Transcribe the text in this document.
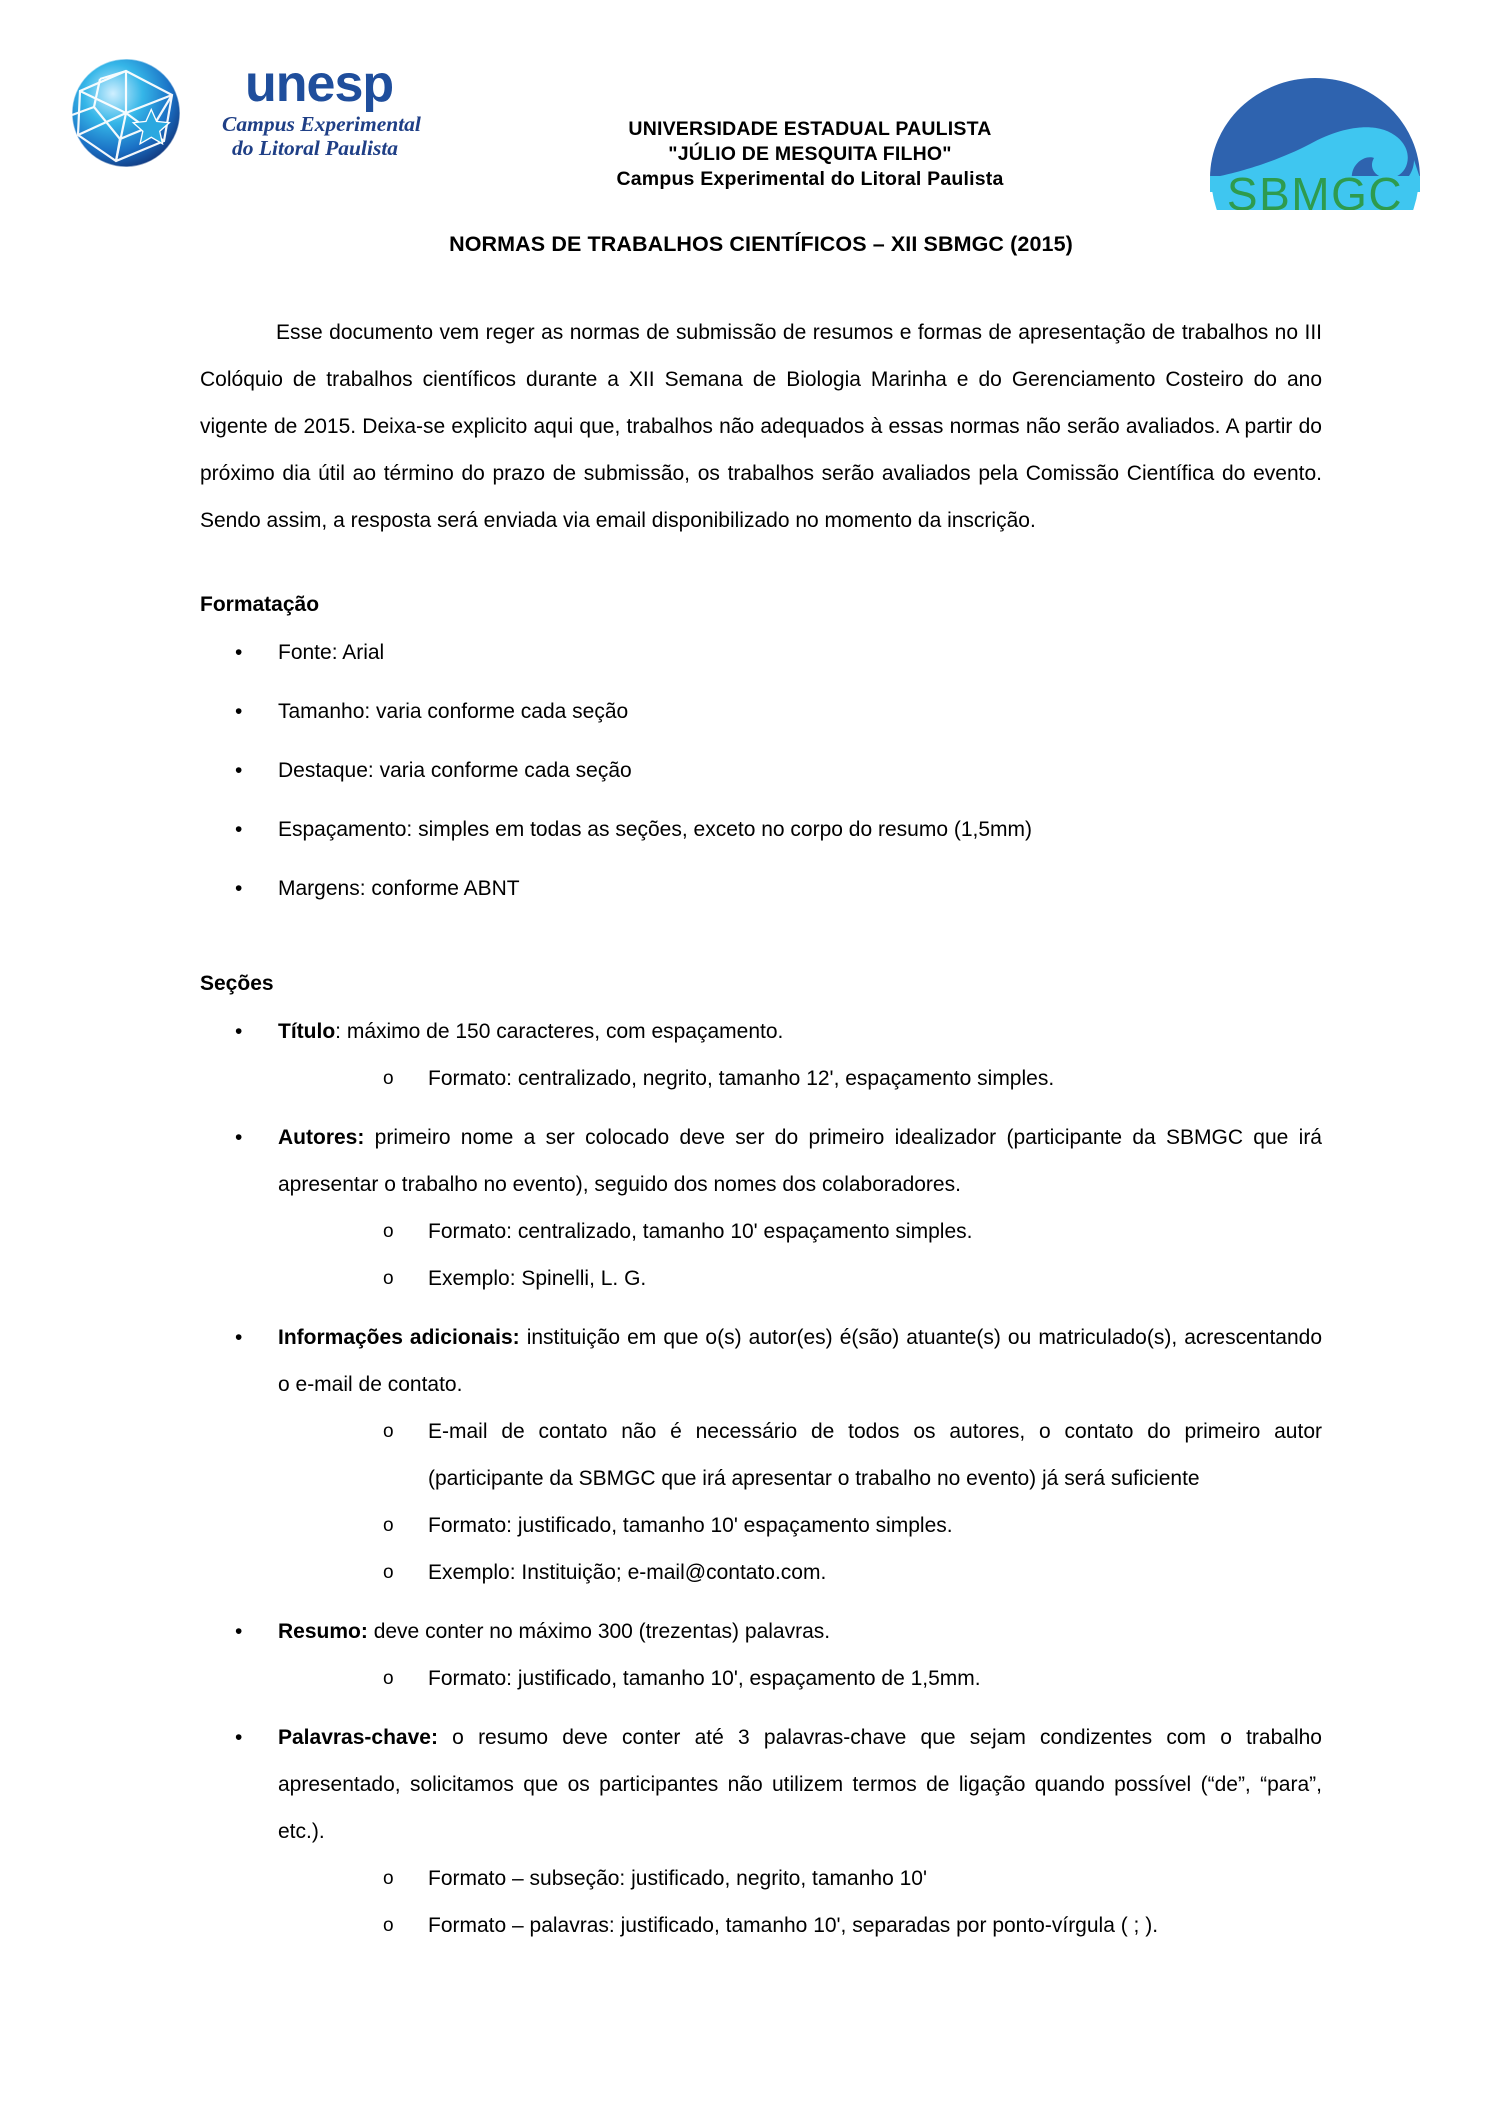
unesp
Campus Experimental
do Litoral Paulista
UNIVERSIDADE ESTADUAL PAULISTA
"JÚLIO DE MESQUITA FILHO"
Campus Experimental do Litoral Paulista	SBMGC
NORMAS DE TRABALHOS CIENTÍFICOS – XII SBMGC (2015)

Esse documento vem reger as normas de submissão de resumos e formas de apresentação de trabalhos no III Colóquio de trabalhos científicos durante a XII Semana de Biologia Marinha e do Gerenciamento Costeiro do ano vigente de 2015. Deixa-se explicito aqui que, trabalhos não adequados à essas normas não serão avaliados. A partir do próximo dia útil ao término do prazo de submissão, os trabalhos serão avaliados pela Comissão Científica do evento. Sendo assim, a resposta será enviada via email disponibilizado no momento da inscrição.

Formatação
• Fonte: Arial
• Tamanho: varia conforme cada seção
• Destaque: varia conforme cada seção
• Espaçamento: simples em todas as seções, exceto no corpo do resumo (1,5mm)
• Margens: conforme ABNT
Seções
• Título: máximo de 150 caracteres, com espaçamento.
o Formato: centralizado, negrito, tamanho 12', espaçamento simples.
• Autores: primeiro nome a ser colocado deve ser do primeiro idealizador (participante da SBMGC que irá apresentar o trabalho no evento), seguido dos nomes dos colaboradores.
o Formato: centralizado, tamanho 10' espaçamento simples.
o Exemplo: Spinelli, L. G.
• Informações adicionais: instituição em que o(s) autor(es) é(são) atuante(s) ou matriculado(s), acrescentando o e-mail de contato.
o E-mail de contato não é necessário de todos os autores, o contato do primeiro autor (participante da SBMGC que irá apresentar o trabalho no evento) já será suficiente
o Formato: justificado, tamanho 10' espaçamento simples.
o Exemplo: Instituição; e-mail@contato.com.
• Resumo: deve conter no máximo 300 (trezentas) palavras.
o Formato: justificado, tamanho 10', espaçamento de 1,5mm.
• Palavras-chave: o resumo deve conter até 3 palavras-chave que sejam condizentes com o trabalho apresentado, solicitamos que os participantes não utilizem termos de ligação quando possível (“de”, “para”, etc.).
o Formato – subseção: justificado, negrito, tamanho 10'
o Formato – palavras: justificado, tamanho 10', separadas por ponto-vírgula ( ; ).
